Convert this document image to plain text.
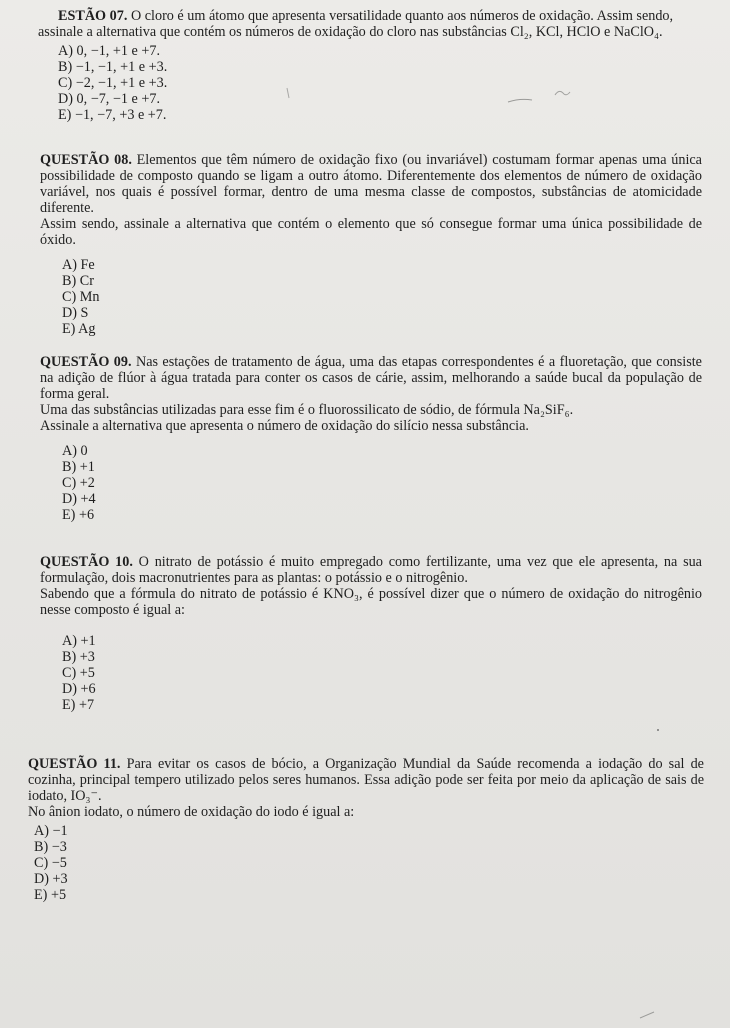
ESTÃO 07. O cloro é um átomo que apresenta versatilidade quanto aos números de oxidação. Assim sendo,

assinale a alternativa que contém os números de oxidação do cloro nas substâncias Cl₂, KCl, HClO e NaClO₄.

A) 0, −1, +1 e +7.
B) −1, −1, +1 e +3.
C) −2, −1, +1 e +3.
D) 0, −7, −1 e +7.
E) −1, −7, +3 e +7.

QUESTÃO 08. Elementos que têm número de oxidação fixo (ou invariável) costumam formar apenas uma única possibilidade de composto quando se ligam a outro átomo. Diferentemente dos elementos de número de oxidação variável, nos quais é possível formar, dentro de uma mesma classe de compostos, substâncias de atomicidade diferente.

Assim sendo, assinale a alternativa que contém o elemento que só consegue formar uma única possibilidade de óxido.

A) Fe
B) Cr
C) Mn
D) S
E) Ag

QUESTÃO 09. Nas estações de tratamento de água, uma das etapas correspondentes é a fluoretação, que consiste na adição de flúor à água tratada para conter os casos de cárie, assim, melhorando a saúde bucal da população de forma geral.

Uma das substâncias utilizadas para esse fim é o fluorossilicato de sódio, de fórmula Na₂SiF₆.

Assinale a alternativa que apresenta o número de oxidação do silício nessa substância.

A) 0
B) +1
C) +2
D) +4
E) +6

QUESTÃO 10. O nitrato de potássio é muito empregado como fertilizante, uma vez que ele apresenta, na sua formulação, dois macronutrientes para as plantas: o potássio e o nitrogênio.

Sabendo que a fórmula do nitrato de potássio é KNO₃, é possível dizer que o número de oxidação do nitrogênio nesse composto é igual a:

A) +1
B) +3
C) +5
D) +6
E) +7

QUESTÃO 11. Para evitar os casos de bócio, a Organização Mundial da Saúde recomenda a iodação do sal de cozinha, principal tempero utilizado pelos seres humanos. Essa adição pode ser feita por meio da aplicação de sais de iodato, IO₃⁻.

No ânion iodato, o número de oxidação do iodo é igual a:

A) −1
B) −3
C) −5
D) +3
E) +5
